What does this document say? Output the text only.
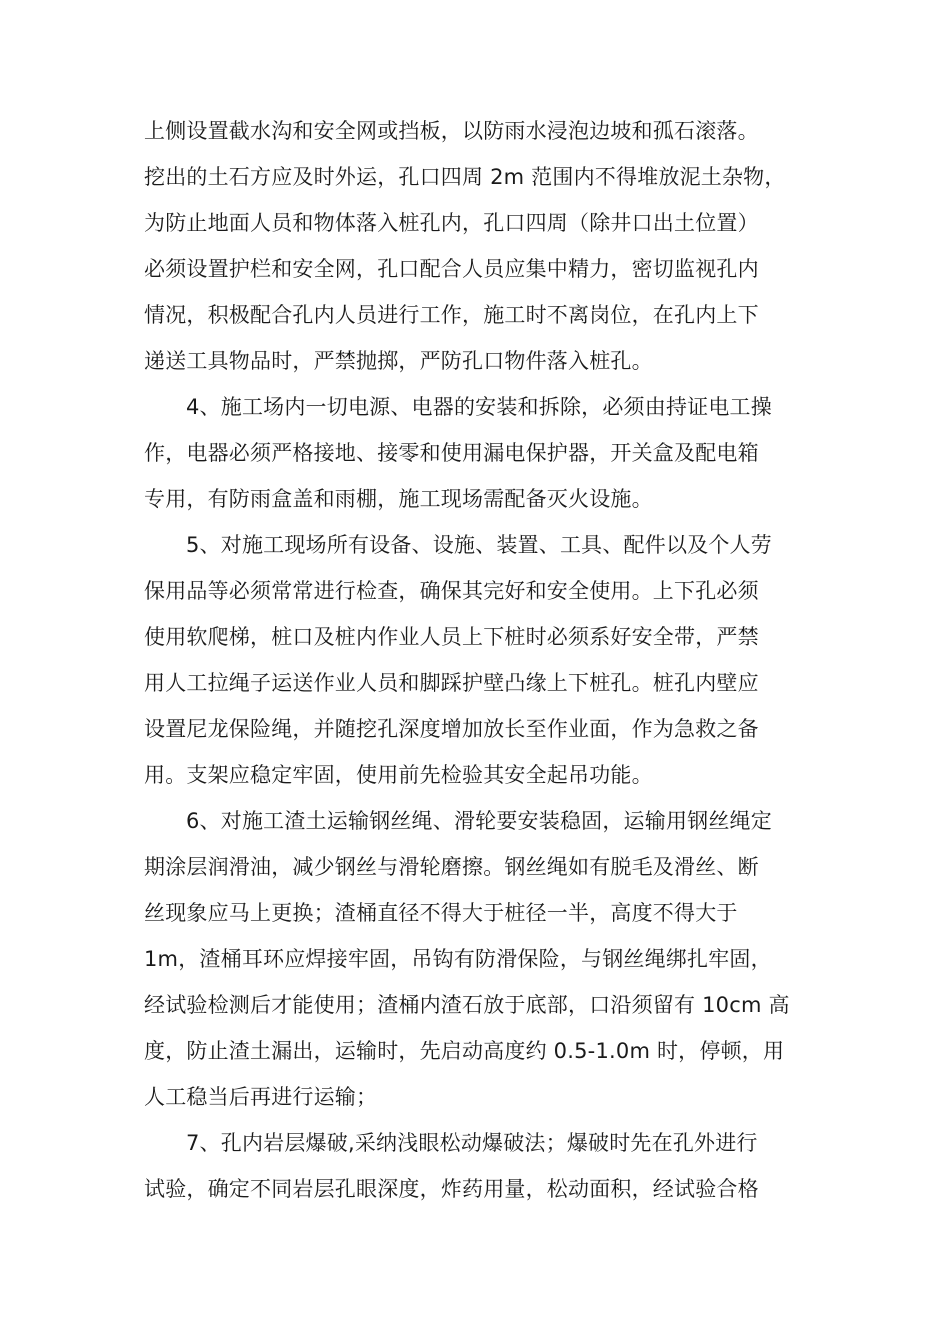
上侧设置截水沟和安全网或挡板，以防雨水浸泡边坡和孤石滚落。
挖出的土石方应及时外运，孔口四周 2m 范围内不得堆放泥土杂物，
为防止地面人员和物体落入桩孔内，孔口四周（除井口出土位置）
必须设置护栏和安全网，孔口配合人员应集中精力，密切监视孔内
情况，积极配合孔内人员进行工作，施工时不离岗位，在孔内上下
递送工具物品时，严禁抛掷，严防孔口物件落入桩孔。
4、施工场内一切电源、电器的安装和拆除，必须由持证电工操
作，电器必须严格接地、接零和使用漏电保护器，开关盒及配电箱
专用，有防雨盒盖和雨棚，施工现场需配备灭火设施。
5、对施工现场所有设备、设施、装置、工具、配件以及个人劳
保用品等必须常常进行检查，确保其完好和安全使用。上下孔必须
使用软爬梯，桩口及桩内作业人员上下桩时必须系好安全带，严禁
用人工拉绳子运送作业人员和脚踩护壁凸缘上下桩孔。桩孔内壁应
设置尼龙保险绳，并随挖孔深度增加放长至作业面，作为急救之备
用。支架应稳定牢固，使用前先检验其安全起吊功能。
6、对施工渣土运输钢丝绳、滑轮要安装稳固，运输用钢丝绳定
期涂层润滑油，减少钢丝与滑轮磨擦。钢丝绳如有脱毛及滑丝、断
丝现象应马上更换；渣桶直径不得大于桩径一半，高度不得大于
1m，渣桶耳环应焊接牢固，吊钩有防滑保险，与钢丝绳绑扎牢固，
经试验检测后才能使用；渣桶内渣石放于底部，口沿须留有 10cm 高
度，防止渣土漏出，运输时，先启动高度约 0.5-1.0m 时，停顿，用
人工稳当后再进行运输；
7、孔内岩层爆破,采纳浅眼松动爆破法；爆破时先在孔外进行
试验，确定不同岩层孔眼深度，炸药用量，松动面积，经试验合格
